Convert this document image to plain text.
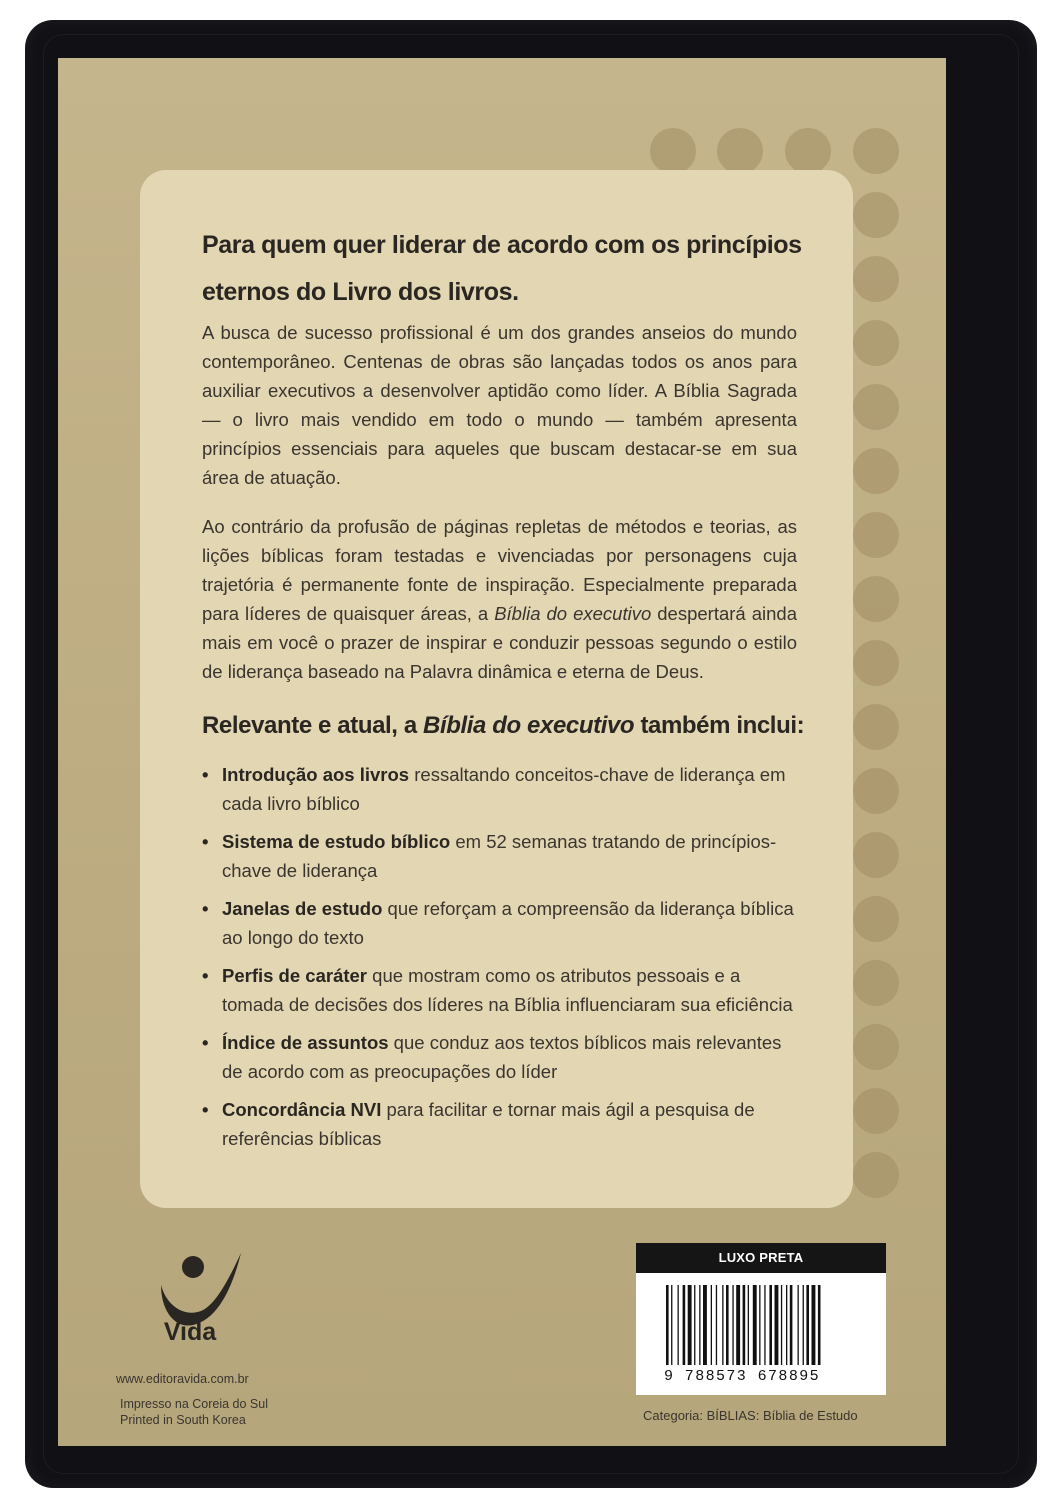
Para quem quer liderar de acordo com os princípios eternos do Livro dos livros.
A busca de sucesso profissional é um dos grandes anseios do mundo contemporâneo. Centenas de obras são lançadas todos os anos para auxiliar executivos a desenvolver aptidão como líder. A Bíblia Sagrada — o livro mais vendido em todo o mundo — também apresenta princípios essenciais para aqueles que buscam destacar-se em sua área de atuação.
Ao contrário da profusão de páginas repletas de métodos e teorias, as lições bíblicas foram testadas e vivenciadas por personagens cuja trajetória é permanente fonte de inspiração. Especialmente preparada para líderes de quaisquer áreas, a Bíblia do executivo despertará ainda mais em você o prazer de inspirar e conduzir pessoas segundo o estilo de liderança baseado na Palavra dinâmica e eterna de Deus.
Relevante e atual, a Bíblia do executivo também inclui:
• Introdução aos livros ressaltando conceitos-chave de liderança em cada livro bíblico
• Sistema de estudo bíblico em 52 semanas tratando de princípios-chave de liderança
• Janelas de estudo que reforçam a compreensão da liderança bíblica ao longo do texto
• Perfis de caráter que mostram como os atributos pessoais e a tomada de decisões dos líderes na Bíblia influenciaram sua eficiência
• Índice de assuntos que conduz aos textos bíblicos mais relevantes de acordo com as preocupações do líder
• Concordância NVI para facilitar e tornar mais ágil a pesquisa de referências bíblicas
Vida
www.editoravida.com.br
Impresso na Coreia do Sul
Printed in South Korea
LUXO PRETA
9 788573 678895
Categoria: BÍBLIAS: Bíblia de Estudo
